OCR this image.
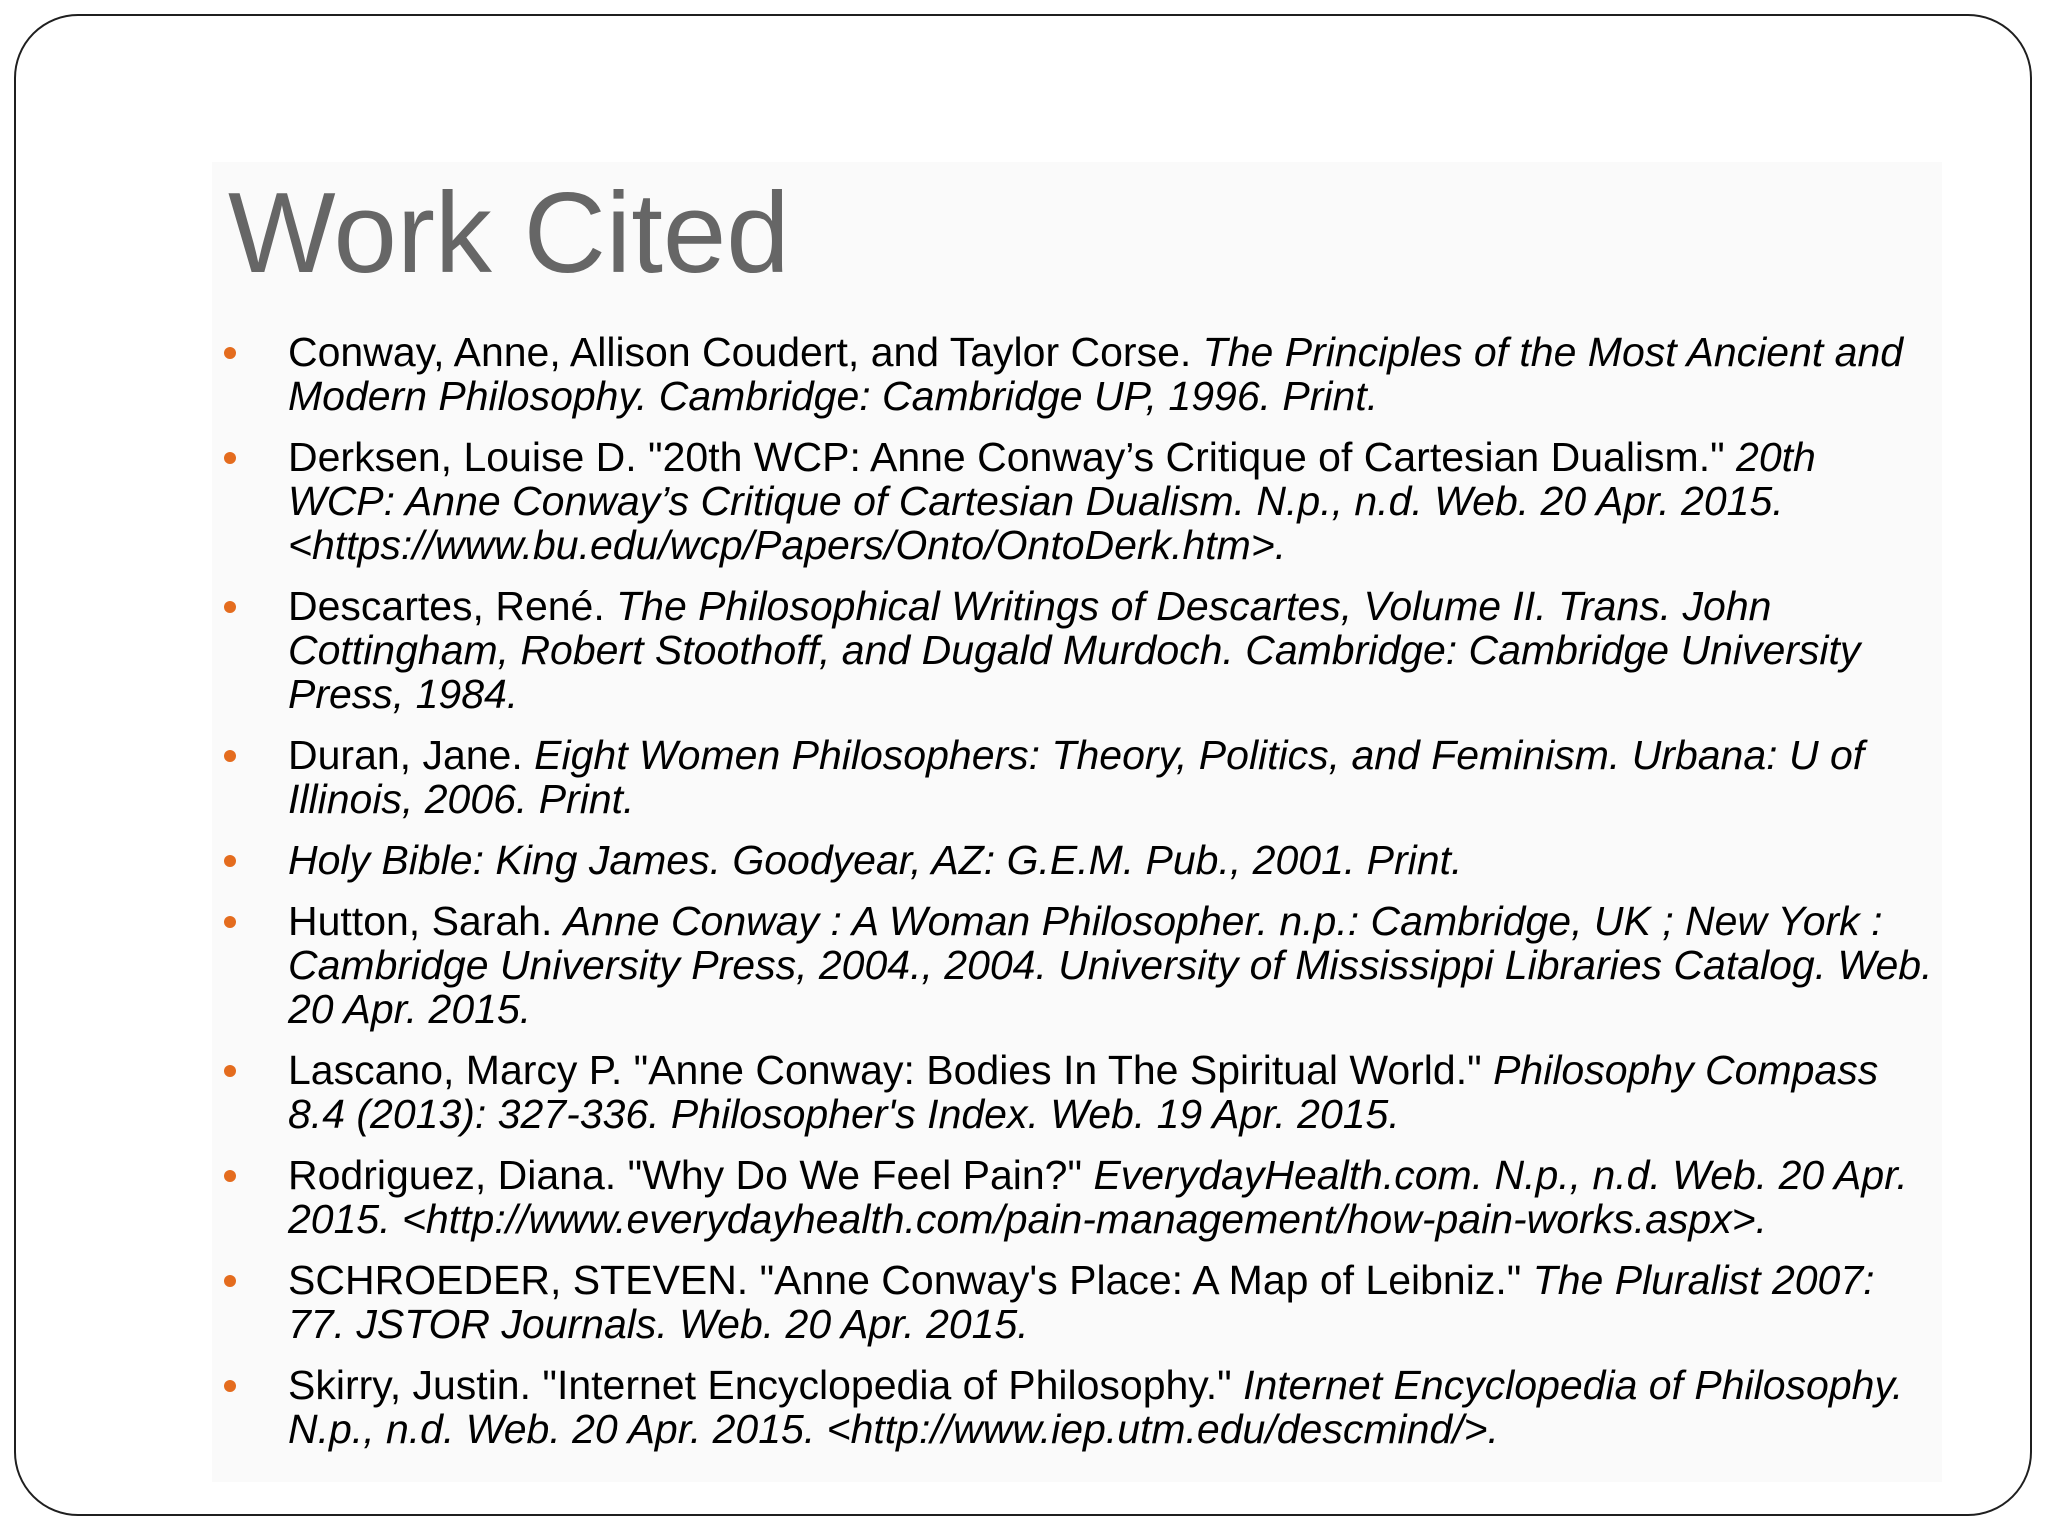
Work Cited
Conway, Anne, Allison Coudert, and Taylor Corse. The Principles of the Most Ancient and Modern Philosophy. Cambridge: Cambridge UP, 1996. Print.
Derksen, Louise D. "20th WCP: Anne Conway’s Critique of Cartesian Dualism." 20th WCP: Anne Conway’s Critique of Cartesian Dualism. N.p., n.d. Web. 20 Apr. 2015. <https://www.bu.edu/wcp/Papers/Onto/OntoDerk.htm>.
Descartes, René. The Philosophical Writings of Descartes, Volume II. Trans. John Cottingham, Robert Stoothoff, and Dugald Murdoch. Cambridge: Cambridge University Press, 1984.
Duran, Jane. Eight Women Philosophers: Theory, Politics, and Feminism. Urbana: U of Illinois, 2006. Print.
Holy Bible: King James. Goodyear, AZ: G.E.M. Pub., 2001. Print.
Hutton, Sarah. Anne Conway : A Woman Philosopher. n.p.: Cambridge, UK ; New York : Cambridge University Press, 2004., 2004. University of Mississippi Libraries Catalog. Web. 20 Apr. 2015.
Lascano, Marcy P. "Anne Conway: Bodies In The Spiritual World." Philosophy Compass 8.4 (2013): 327-336. Philosopher's Index. Web. 19 Apr. 2015.
Rodriguez, Diana. "Why Do We Feel Pain?" EverydayHealth.com. N.p., n.d. Web. 20 Apr. 2015. <http://www.everydayhealth.com/pain-management/how-pain-works.aspx>.
SCHROEDER, STEVEN. "Anne Conway's Place: A Map of Leibniz." The Pluralist 2007: 77. JSTOR Journals. Web. 20 Apr. 2015.
Skirry, Justin. "Internet Encyclopedia of Philosophy." Internet Encyclopedia of Philosophy. N.p., n.d. Web. 20 Apr. 2015. <http://www.iep.utm.edu/descmind/>.
